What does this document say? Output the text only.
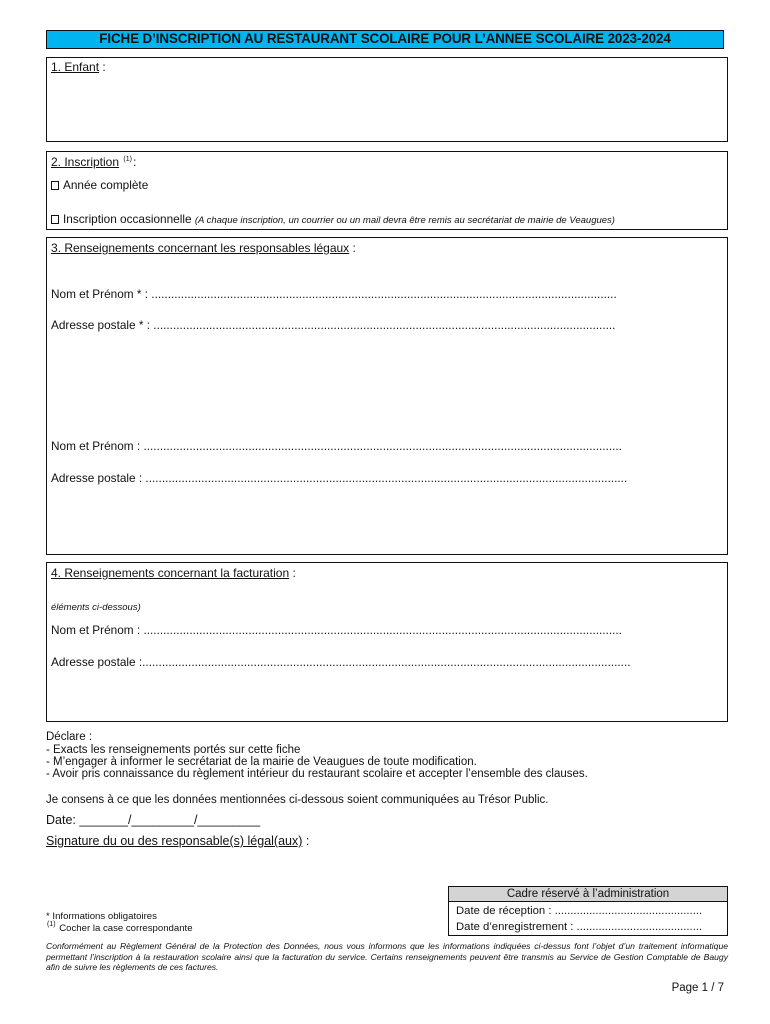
FICHE D’INSCRIPTION AU RESTAURANT SCOLAIRE POUR L’ANNEE SCOLAIRE 2023-2024
1. Enfant :
2. Inscription $^{(1)}$:
Année complète
Inscription occasionnelle (A chaque inscription, un courrier ou un mail devra être remis au secrétariat de mairie de Veaugues)
3. Renseignements concernant les responsables légaux :
Nom et Prénom * : ..............................................................................................................................................
Adresse postale * : .............................................................................................................................................
Nom et Prénom : ..................................................................................................................................................
Adresse postale : ...................................................................................................................................................
4. Renseignements concernant la facturation :
éléments ci-dessous)
Nom et Prénom : ..................................................................................................................................................
Adresse postale :.....................................................................................................................................................
Déclare :
- Exacts les renseignements portés sur cette fiche
- M’engager à informer le secrétariat de la mairie de Veaugues de toute modification.
- Avoir pris connaissance du règlement intérieur du restaurant scolaire et accepter l’ensemble des clauses.
Je consens à ce que les données mentionnées ci-dessous soient communiquées au Trésor Public.
Date: _______/_________/_________
Signature du ou des responsable(s) légal(aux) :
* Informations obligatoires
$^{(1)}$ Cocher la case correspondante
Cadre réservé à l’administration
Date de réception : ...............................................
Date d’enregistrement : ........................................
Conformément au Règlement Général de la Protection des Données, nous vous informons que les informations indiquées ci-dessus font l’objet d’un traitement informatique permettant l’inscription à la restauration scolaire ainsi que la facturation du service. Certains renseignements peuvent être transmis au Service de Gestion Comptable de Baugy afin de suivre les règlements de ces factures.
Page 1 / 7
